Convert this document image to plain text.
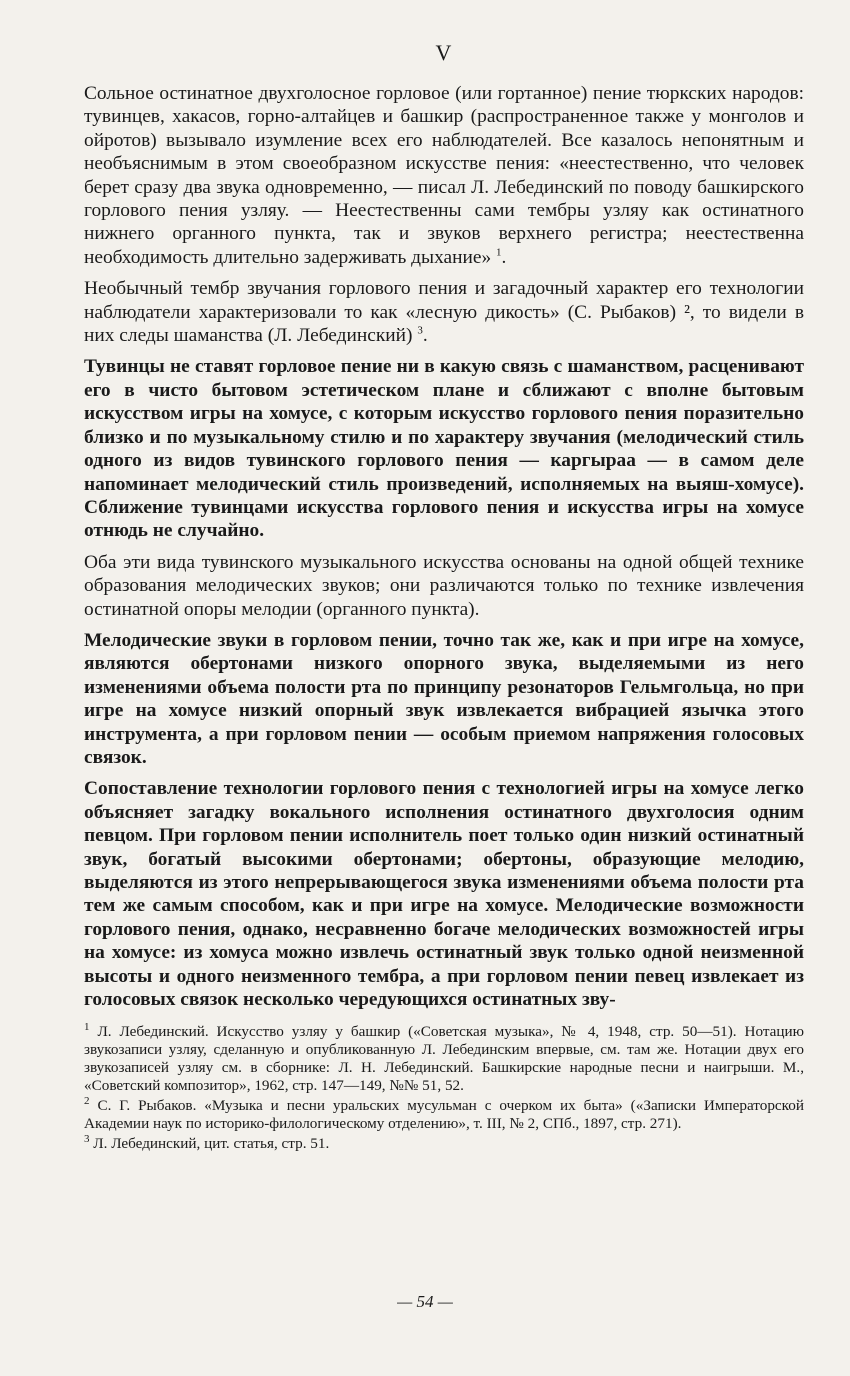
V

Сольное остинатное двухголосное горловое (или гортанное) пение тюркских народов: тувинцев, хакасов, горно-алтайцев и башкир (распространенное также у монголов и ойротов) вызывало изумление всех его наблюдателей. Все казалось непонятным и необъяснимым в этом своеобразном искусстве пения: «неестественно, что человек берет сразу два звука одновременно, — писал Л. Лебединский по поводу башкирского горлового пения узляу. — Неестественны сами тембры узляу как остинатного нижнего органного пункта, так и звуков верхнего регистра; неестественна необходимость длительно задерживать дыхание» $^1$.

Необычный тембр звучания горлового пения и загадочный характер его технологии наблюдатели характеризовали то как «лесную дикость» (С. Рыбаков) ², то видели в них следы шаманства (Л. Лебединский) $^3$.

Тувинцы не ставят горловое пение ни в какую связь с шаманством, расценивают его в чисто бытовом эстетическом плане и сближают с вполне бытовым искусством игры на хомусе, с которым искусство горлового пения поразительно близко и по музыкальному стилю и по характеру звучания (мелодический стиль одного из видов тувинского горлового пения — каргыраа — в самом деле напоминает мелодический стиль произведений, исполняемых на выяш-хомусе). Сближение тувинцами искусства горлового пения и искусства игры на хомусе отнюдь не случайно.

Оба эти вида тувинского музыкального искусства основаны на одной общей технике образования мелодических звуков; они различаются только по технике извлечения остинатной опоры мелодии (органного пункта).

Мелодические звуки в горловом пении, точно так же, как и при игре на хомусе, являются обертонами низкого опорного звука, выделяемыми из него изменениями объема полости рта по принципу резонаторов Гельмгольца, но при игре на хомусе низкий опорный звук извлекается вибрацией язычка этого инструмента, а при горловом пении — особым приемом напряжения голосовых связок.

Сопоставление технологии горлового пения с технологией игры на хомусе легко объясняет загадку вокального исполнения остинатного двухголосия одним певцом. При горловом пении исполнитель поет только один низкий остинатный звук, богатый высокими обертонами; обертоны, образующие мелодию, выделяются из этого непрерывающегося звука изменениями объема полости рта тем же самым способом, как и при игре на хомусе. Мелодические возможности горлового пения, однако, несравненно богаче мелодических возможностей игры на хомусе: из хомуса можно извлечь остинатный звук только одной неизменной высоты и одного неизменного тембра, а при горловом пении певец извлекает из голосовых связок несколько чередующихся остинатных зву-

$^1$ Л. Лебединский. Искусство узляу у башкир («Советская музыка», № 4, 1948, стр. 50—51). Нотацию звукозаписи узляу, сделанную и опубликованную Л. Лебединским впервые, см. там же. Нотации двух его звукозаписей узляу см. в сборнике: Л. Н. Лебединский. Башкирские народные песни и наигрыши. М., «Советский композитор», 1962, стр. 147—149, №№ 51, 52.

$^2$ С. Г. Рыбаков. «Музыка и песни уральских мусульман с очерком их быта» («Записки Императорской Академии наук по историко-филологическому отделению», т. III, № 2, СПб., 1897, стр. 271).

$^3$ Л. Лебединский, цит. статья, стр. 51.

— 54 —
